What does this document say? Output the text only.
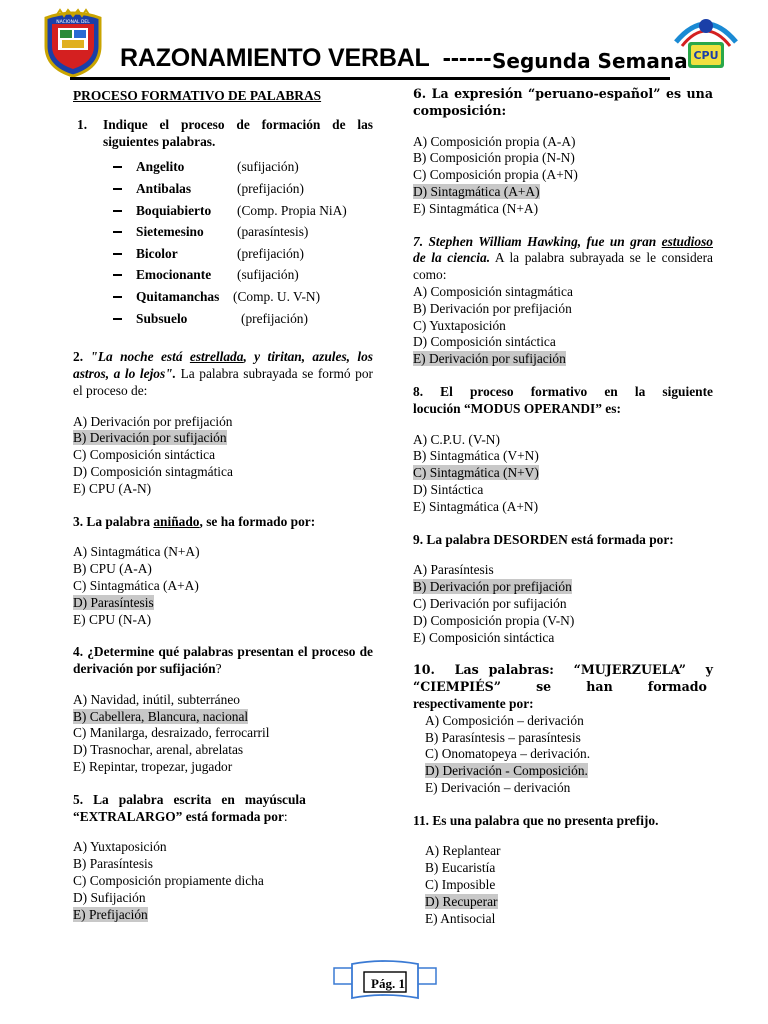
NACIONAL DEL
RAZONAMIENTO VERBAL  ------ Segunda Semana CPU

PROCESO FORMATIVO DE PALABRAS

1. Indique el proceso de formación de las siguientes palabras.
Angelito	(sufijación)
Antibalas	(prefijación)
Boquiabierto (Comp. Propia NiA)
Sietemesino (parasíntesis)
Bicolor	(prefijación)
Emocionante (sufijación)
Quitamanchas (Comp. U. V-N)
Subsuelo	(prefijación)

2. "La noche está estrellada, y tiritan, azules, los astros, a lo lejos". La palabra subrayada se formó por el proceso de:

A) Derivación por prefijación

B) Derivación por sufijación

C) Composición sintáctica

D) Composición sintagmática

E) CPU (A-N)

3. La palabra aniñado, se ha formado por:

A) Sintagmática (N+A)

B) CPU (A-A)

C) Sintagmática (A+A)

D) Parasíntesis

E) CPU (N-A)

4. ¿Determine qué palabras presentan el proceso de derivación por sufijación?

A) Navidad, inútil, subterráneo

B) Cabellera, Blancura, nacional

C) Manilarga, desraizado, ferrocarril

D) Trasnochar, arenal, abrelatas

E) Repintar, tropezar, jugador

5.   La   palabra   escrita   en   mayúscula

“EXTRALARGO” está formada por:

A) Yuxtaposición

B) Parasíntesis

C) Composición propiamente dicha

D) Sufijación

E) Prefijación

6. La expresión “peruano-español” es una composición:

A) Composición propia (A-A)

B) Composición propia (N-N)

C) Composición propia (A+N)

D) Sintagmática (A+A)

E) Sintagmática (N+A)

7. Stephen William Hawking, fue un gran estudioso de la ciencia. A la palabra subrayada se le considera como:

A) Composición sintagmática

B) Derivación por prefijación

C) Yuxtaposición

D) Composición sintáctica

E) Derivación por sufijación

8. El proceso formativo en la siguiente

locución “MODUS OPERANDI” es:

A) C.P.U. (V-N)

B) Sintagmática (V+N)

C) Sintagmática (N+V)

D) Sintáctica

E) Sintagmática (A+N)

9. La palabra DESORDEN está formada por:

A) Parasíntesis

B) Derivación por prefijación

C) Derivación por sufijación

D) Composición propia (V-N)

E) Composición sintáctica

10.  Las palabras:  “MUJERZUELA”  y

“CIEMPIÉS”        se        han        formado

respectivamente por:

A) Composición – derivación

B) Parasíntesis – parasíntesis

C) Onomatopeya – derivación.

D) Derivación - Composición.

E) Derivación – derivación

11. Es una palabra que no presenta prefijo.

A) Replantear

B) Eucaristía

C) Imposible

D) Recuperar

E) Antisocial

Pág. 1
